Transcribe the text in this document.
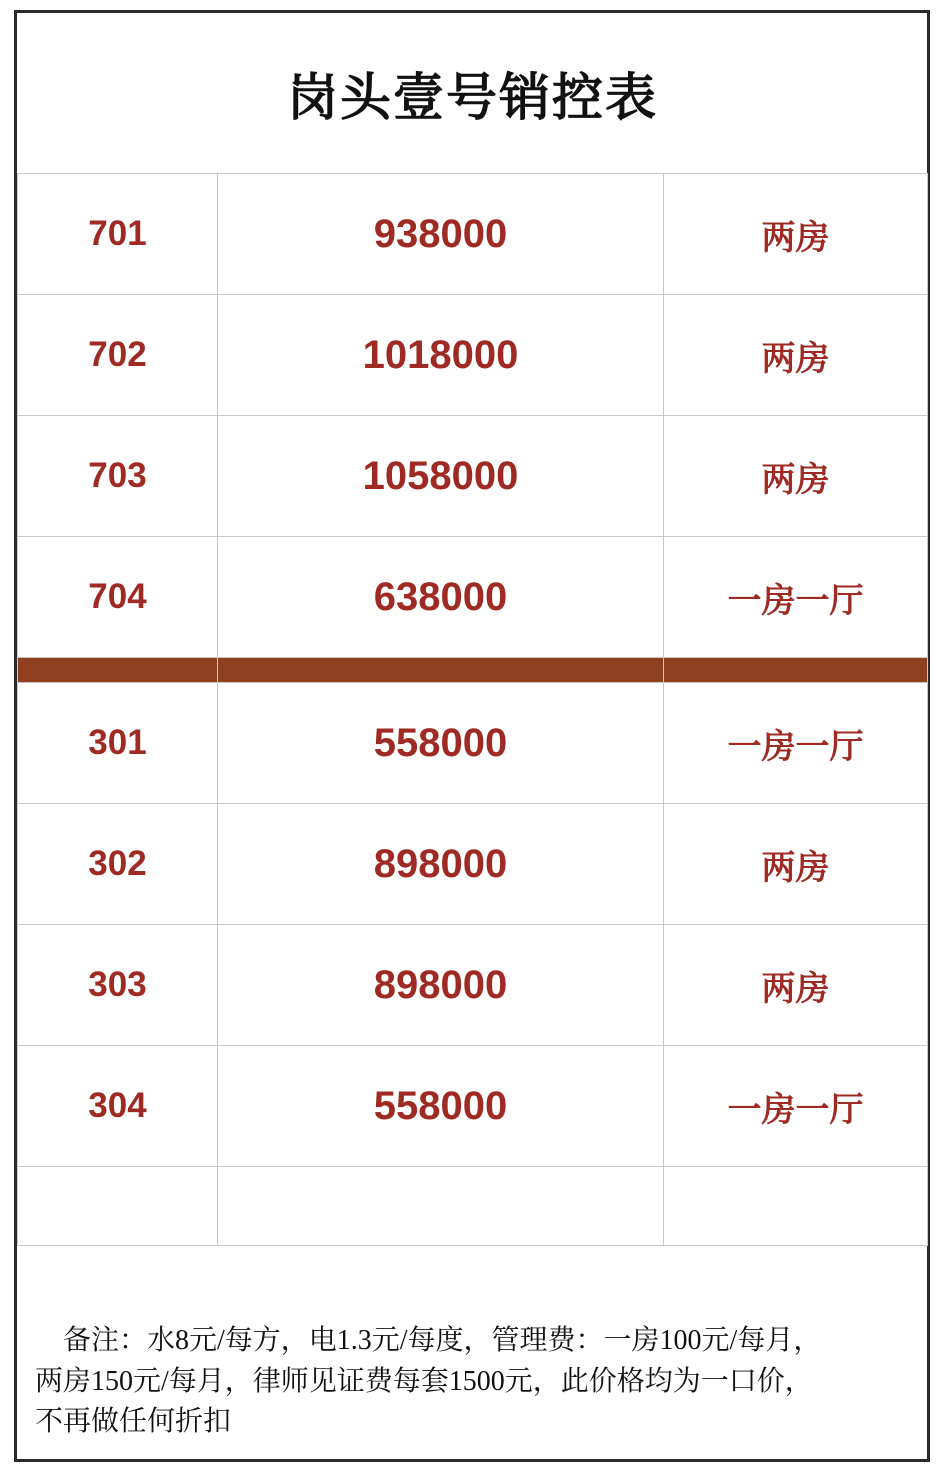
岗头壹号销控表		
701	938000	两房
702	1018000	两房
703	1058000	两房
704	638000	一房一厅

301	558000	一房一厅
302	898000	两房
303	898000	两房
304	558000	一房一厅

备注：水8元/每方，电1.3元/每度，管理费：一房100元/每月，
两房150元/每月，律师见证费每套1500元，此价格均为一口价，
不再做任何折扣
